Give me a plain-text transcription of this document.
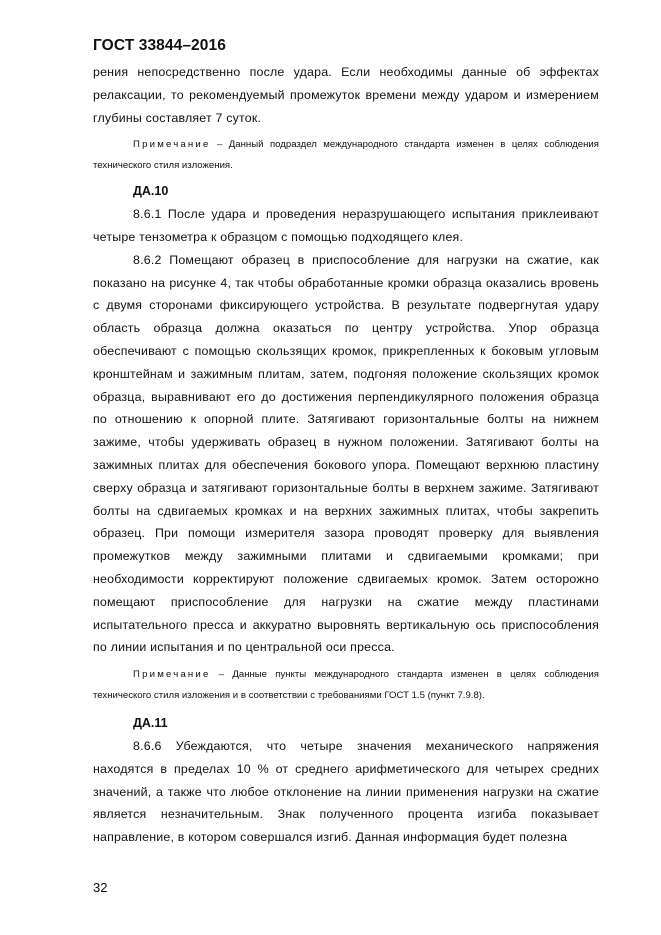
ГОСТ 33844–2016

рения непосредственно после удара. Если необходимы данные об эффектах релаксации, то рекомендуемый промежуток времени между ударом и измерением глубины составляет 7 суток.

Примечание – Данный подраздел международного стандарта изменен в целях соблюдения технического стиля изложения.

ДА.10

8.6.1 После удара и проведения неразрушающего испытания приклеивают четыре тензометра к образцом с помощью подходящего клея.

8.6.2 Помещают образец в приспособление для нагрузки на сжатие, как показано на рисунке 4, так чтобы обработанные кромки образца оказались вровень с двумя сторонами фиксирующего устройства. В результате подвергнутая удару область образца должна оказаться по центру устройства. Упор образца обеспечивают с помощью скользящих кромок, прикрепленных к боковым угловым кронштейнам и зажимным плитам, затем, подгоняя положение скользящих кромок образца, выравнивают его до достижения перпендикулярного положения образца по отношению к опорной плите. Затягивают горизонтальные болты на нижнем зажиме, чтобы удерживать образец в нужном положении. Затягивают болты на зажимных плитах для обеспечения бокового упора. Помещают верхнюю пластину сверху образца и затягивают горизонтальные болты в верхнем зажиме. Затягивают болты на сдвигаемых кромках и на верхних зажимных плитах, чтобы закрепить образец. При помощи измерителя зазора проводят проверку для выявления промежутков между зажимными плитами и сдвигаемыми кромками; при необходимости корректируют положение сдвигаемых кромок. Затем осторожно помещают приспособление для нагрузки на сжатие между пластинами испытательного пресса и аккуратно выровнять вертикальную ось приспособления по линии испытания и по центральной оси пресса.

Примечание – Данные пункты международного стандарта изменен в целях соблюдения технического стиля изложения и в соответствии с требованиями ГОСТ 1.5 (пункт 7.9.8).

ДА.11

8.6.6 Убеждаются, что четыре значения механического напряжения находятся в пределах 10 % от среднего арифметического для четырех средних значений, а также что любое отклонение на линии применения нагрузки на сжатие является незначительным. Знак полученного процента изгиба показывает направление, в котором совершался изгиб. Данная информация будет полезна

32
